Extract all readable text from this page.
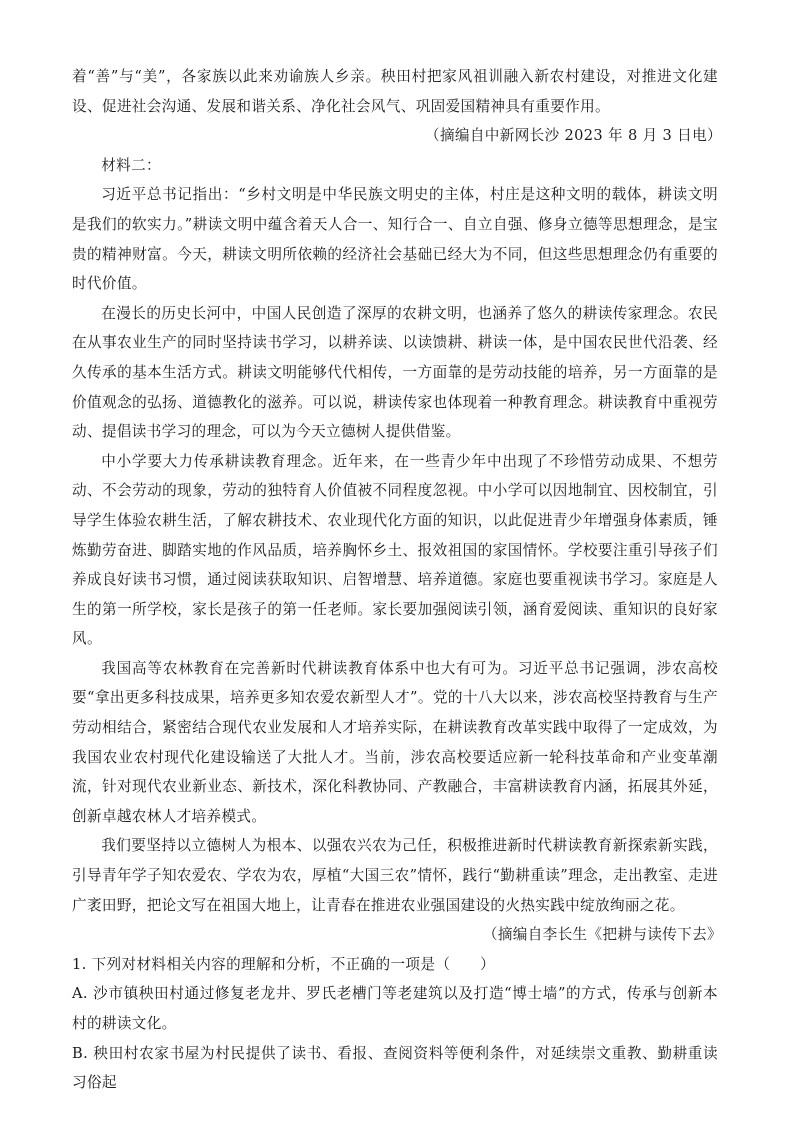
着“善”与“美”，各家族以此来劝谕族人乡亲。秧田村把家风祖训融入新农村建设，对推进文化建设、促进社会沟通、发展和谐关系、净化社会风气、巩固爱国精神具有重要作用。

（摘编自中新网长沙 2023 年 8 月 3 日电）

材料二：

习近平总书记指出：“乡村文明是中华民族文明史的主体，村庄是这种文明的载体，耕读文明是我们的软实力。”耕读文明中蕴含着天人合一、知行合一、自立自强、修身立德等思想理念，是宝贵的精神财富。今天，耕读文明所依赖的经济社会基础已经大为不同，但这些思想理念仍有重要的时代价值。

在漫长的历史长河中，中国人民创造了深厚的农耕文明，也涵养了悠久的耕读传家理念。农民在从事农业生产的同时坚持读书学习，以耕养读、以读馈耕、耕读一体，是中国农民世代沿袭、经久传承的基本生活方式。耕读文明能够代代相传，一方面靠的是劳动技能的培养，另一方面靠的是价值观念的弘扬、道德教化的滋养。可以说，耕读传家也体现着一种教育理念。耕读教育中重视劳动、提倡读书学习的理念，可以为今天立德树人提供借鉴。

中小学要大力传承耕读教育理念。近年来，在一些青少年中出现了不珍惜劳动成果、不想劳动、不会劳动的现象，劳动的独特育人价值被不同程度忽视。中小学可以因地制宜、因校制宜，引导学生体验农耕生活，了解农耕技术、农业现代化方面的知识，以此促进青少年增强身体素质，锤炼勤劳奋进、脚踏实地的作风品质，培养胸怀乡土、报效祖国的家国情怀。学校要注重引导孩子们养成良好读书习惯，通过阅读获取知识、启智增慧、培养道德。家庭也要重视读书学习。家庭是人生的第一所学校，家长是孩子的第一任老师。家长要加强阅读引领，涵育爱阅读、重知识的良好家风。

我国高等农林教育在完善新时代耕读教育体系中也大有可为。习近平总书记强调，涉农高校要“拿出更多科技成果，培养更多知农爱农新型人才”。党的十八大以来，涉农高校坚持教育与生产劳动相结合，紧密结合现代农业发展和人才培养实际，在耕读教育改革实践中取得了一定成效，为我国农业农村现代化建设输送了大批人才。当前，涉农高校要适应新一轮科技革命和产业变革潮流，针对现代农业新业态、新技术，深化科教协同、产教融合，丰富耕读教育内涵，拓展其外延，创新卓越农林人才培养模式。

我们要坚持以立德树人为根本、以强农兴农为己任，积极推进新时代耕读教育新探索新实践，引导青年学子知农爱农、学农为农，厚植“大国三农”情怀，践行“勤耕重读”理念，走出教室、走进广袤田野，把论文写在祖国大地上，让青春在推进农业强国建设的火热实践中绽放绚丽之花。

（摘编自李长生《把耕与读传下去》

1. 下列对材料相关内容的理解和分析，不正确的一项是（　　）

A. 沙市镇秧田村通过修复老龙井、罗氏老槽门等老建筑以及打造“博士墙”的方式，传承与创新本村的耕读文化。

B. 秧田村农家书屋为村民提供了读书、看报、查阅资料等便利条件，对延续崇文重教、勤耕重读习俗起
